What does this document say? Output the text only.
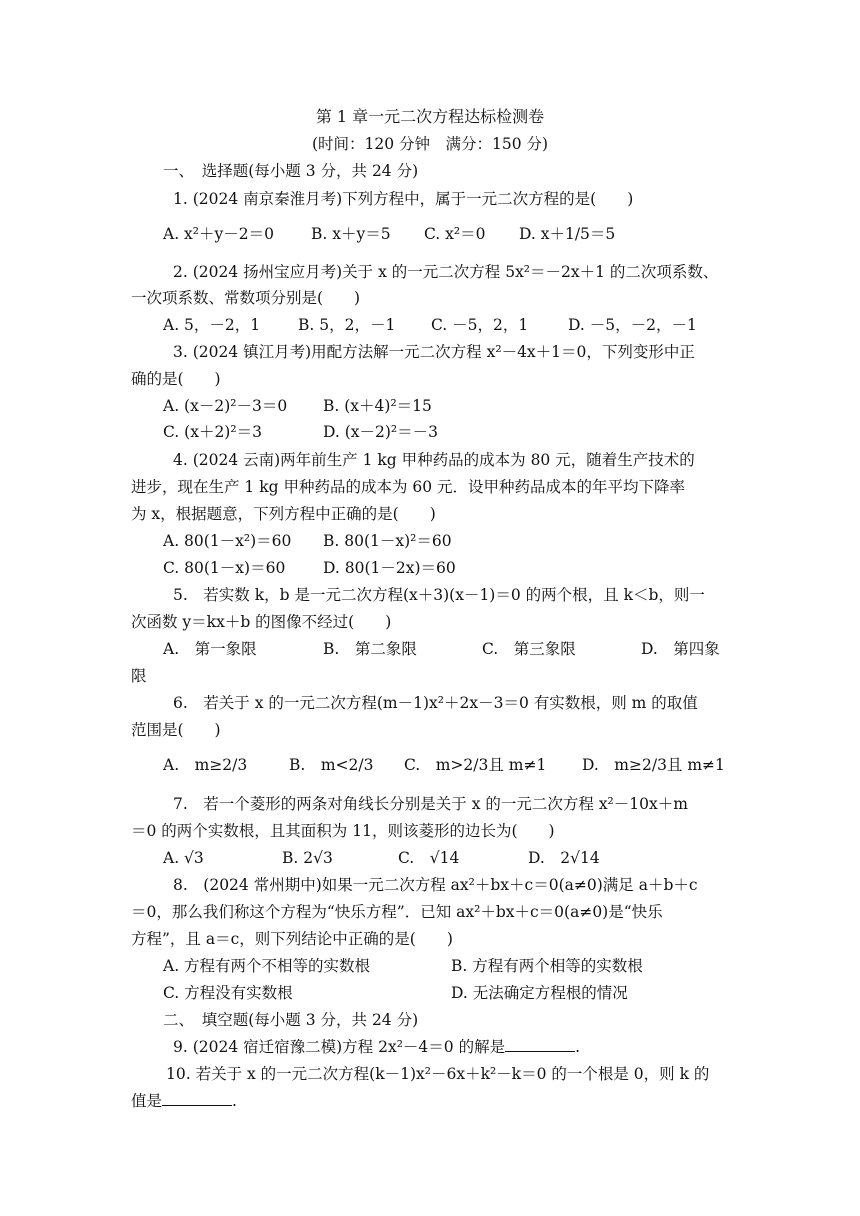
第 1 章一元二次方程达标检测卷
(时间：120 分钟　满分：150 分)
一、　选择题(每小题 3 分，共 24 分)
1. (2024 南京秦淮月考)下列方程中，属于一元二次方程的是(　　)
A. x²＋y－2＝0 B. x＋y＝5 C. x²＝0 D. x＋1/5＝5
2. (2024 扬州宝应月考)关于 x 的一元二次方程 5x²＝－2x＋1 的二次项系数、
一次项系数、常数项分别是(　　)
A. 5，－2，1 B. 5，2，－1 C. －5，2，1	D. －5，－2，－1
3. (2024 镇江月考)用配方法解一元二次方程 x²－4x＋1＝0，下列变形中正
确的是(　　)
A. (x－2)²－3＝0 B. (x＋4)²＝15
C. (x＋2)²＝3	D. (x－2)²＝－3
4. (2024 云南)两年前生产 1 kg 甲种药品的成本为 80 元，随着生产技术的
进步，现在生产 1 kg 甲种药品的成本为 60 元．设甲种药品成本的年平均下降率
为 x，根据题意，下列方程中正确的是(　　)
A. 80(1－x²)＝60 B. 80(1－x)²＝60
C. 80(1－x)＝60 D. 80(1－2x)＝60
5.　若实数 k，b 是一元二次方程(x＋3)(x－1)＝0 的两个根，且 k＜b，则一
次函数 y＝kx＋b 的图像不经过(　　)
A.　第一象限	B.　第二象限	C.　第三象限	D.　第四象
限
6.　若关于 x 的一元二次方程(m－1)x²＋2x－3＝0 有实数根，则 m 的取值
范围是(　　)
A.　m≥2/3	B.　m<2/3 C.　m>2/3且 m≠1 D.　m≥2/3且 m≠1
7.　若一个菱形的两条对角线长分别是关于 x 的一元二次方程 x²－10x＋m
＝0 的两个实数根，且其面积为 11，则该菱形的边长为(　　)
A. √3	B. 2√3	C.　√14	D.　2√14
8.　(2024 常州期中)如果一元二次方程 ax²＋bx＋c＝0(a≠0)满足 a＋b＋c
＝0，那么我们称这个方程为“快乐方程”．已知 ax²＋bx＋c＝0(a≠0)是“快乐
方程”，且 a＝c，则下列结论中正确的是(　　)
A. 方程有两个不相等的实数根	B. 方程有两个相等的实数根
C. 方程没有实数根	D. 无法确定方程根的情况
二、　填空题(每小题 3 分，共 24 分)
9. (2024 宿迁宿豫二模)方程 2x²－4＝0 的解是	.
10. 若关于 x 的一元二次方程(k－1)x²－6x＋k²－k＝0 的一个根是 0，则 k 的
值是	.
